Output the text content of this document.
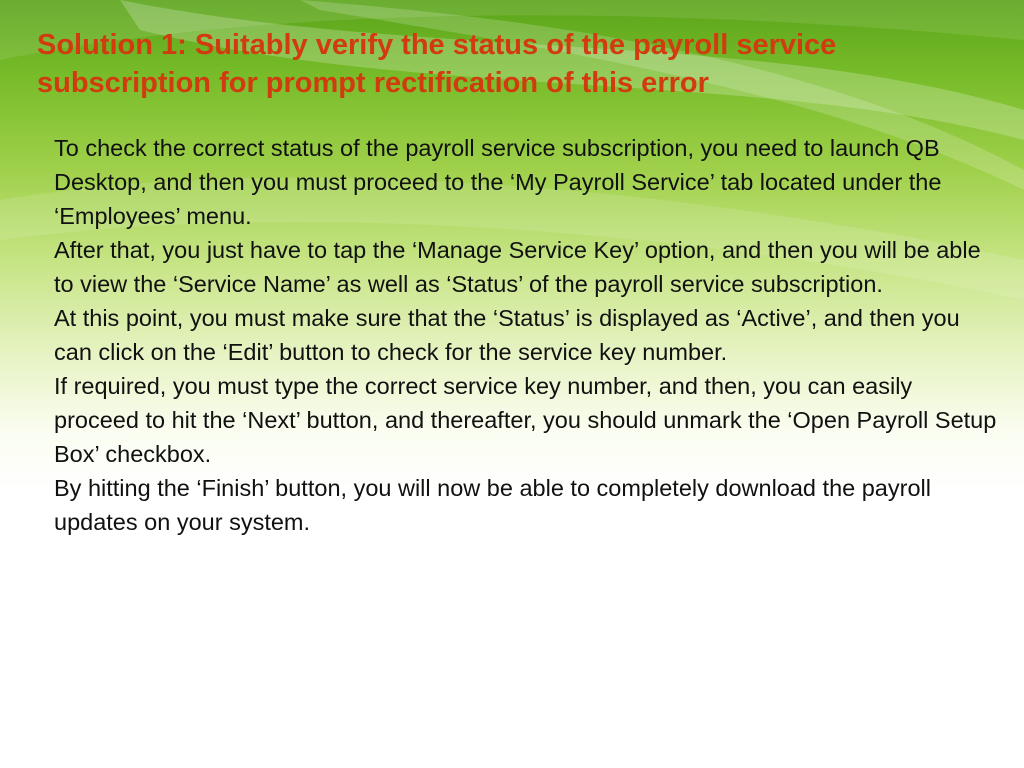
Solution 1: Suitably verify the status of the payroll service subscription for prompt rectification of this error

To check the correct status of the payroll service subscription, you need to launch QB Desktop, and then you must proceed to the ‘My Payroll Service’ tab located under the ‘Employees’ menu.

After that, you just have to tap the ‘Manage Service Key’ option, and then you will be able to view the ‘Service Name’ as well as ‘Status’ of the payroll service subscription.

At this point, you must make sure that the ‘Status’ is displayed as ‘Active’, and then you can click on the ‘Edit’ button to check for the service key number.

If required, you must type the correct service key number, and then, you can easily proceed to hit the ‘Next’ button, and thereafter, you should unmark the ‘Open Payroll Setup Box’ checkbox.

By hitting the ‘Finish’ button, you will now be able to completely download the payroll updates on your system.
